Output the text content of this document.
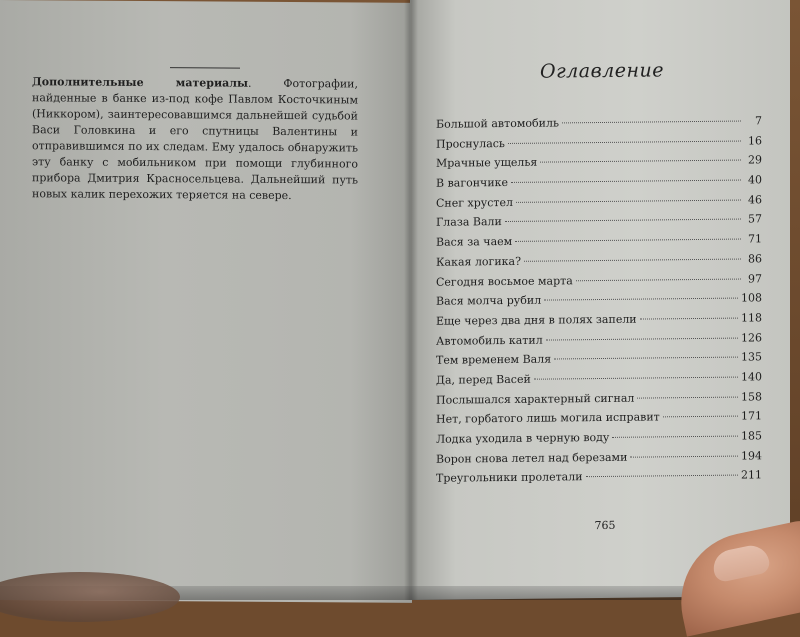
Дополнительные материалы. Фотографии, найденные в банке из-под кофе Павлом Косточкиным (Никкором), заинтересовавшимся дальнейшей судьбой Васи Головкина и его спутницы Валентины и отправившимся по их следам. Ему удалось обнаружить эту банку с мобильником при помощи глубинного прибора Дмитрия Красносельцева. Дальнейший путь новых калик перехожих теряется на севере.
Оглавление
Большой автомобиль	7
Проснулась	16
Мрачные ущелья	29
В вагончике	40
Снег хрустел	46
Глаза Вали	57
Вася за чаем	71
Какая логика?	86
Сегодня восьмое марта	97
Вася молча рубил	108
Еще через два дня в полях запели	118
Автомобиль катил	126
Тем временем Валя	135
Да, перед Васей	140
Послышался характерный сигнал	158
Нет, горбатого лишь могила исправит	171
Лодка уходила в черную воду	185
Ворон снова летел над березами	194
Треугольники пролетали	211
765
